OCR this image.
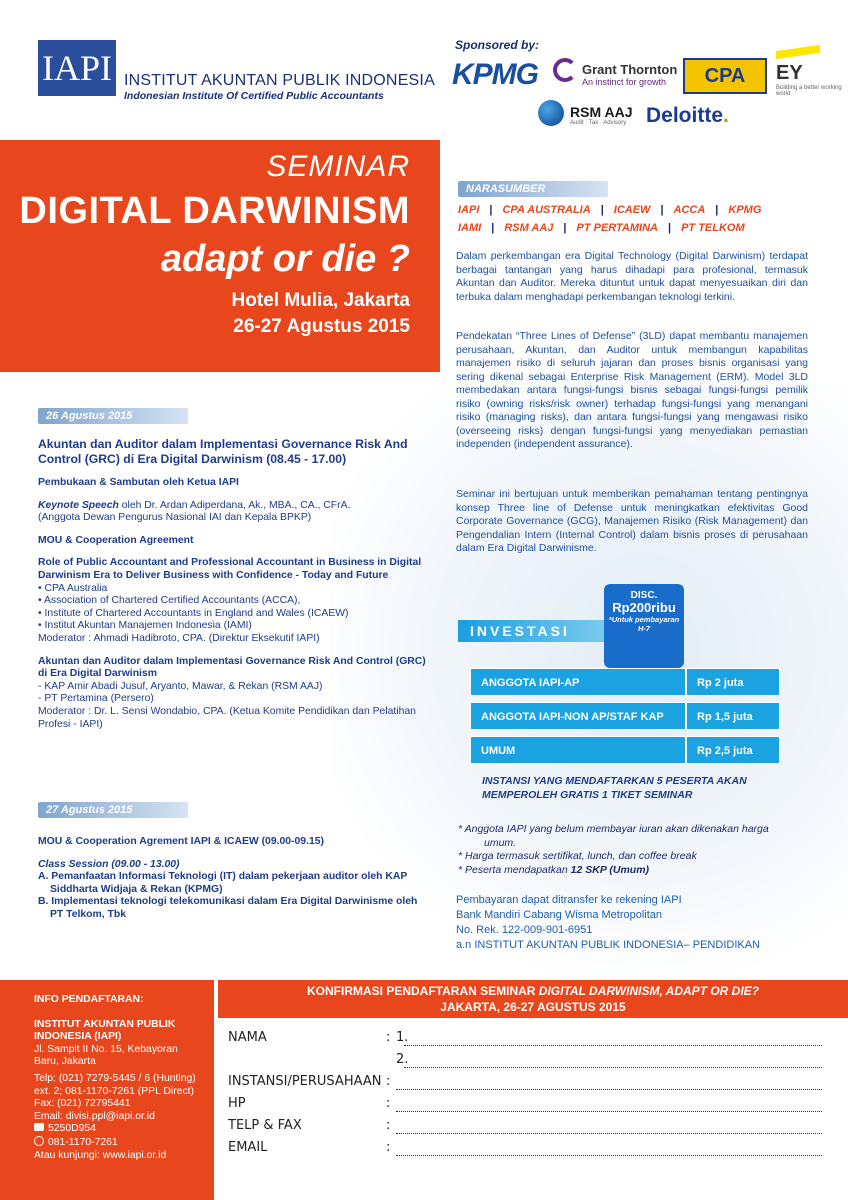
IAPI INSTITUT AKUNTAN PUBLIK INDONESIA
Indonesian Institute Of Certified Public Accountants
Sponsored by:
KPMG	Grant Thornton
An instinct for growth	CPA	EY
Building a better working world
RSM AAJ
Audit · Tax · Advisory Deloitte.
SEMINAR
DIGITAL DARWINISM
adapt or die ?
Hotel Mulia, Jakarta
26-27 Agustus 2015
NARASUMBER
IAPI | CPA AUSTRALIA | ICAEW | ACCA | KPMG
IAMI | RSM AAJ | PT PERTAMINA | PT TELKOM
Dalam perkembangan era Digital Technology (Digital Darwinism) terdapat berbagai tantangan yang harus dihadapi para profesional, termasuk Akuntan dan Auditor. Mereka dituntut untuk dapat menyesuaikan diri dan terbuka dalam menghadapi perkembangan teknologi terkini.
Pendekatan “Three Lines of Defense” (3LD) dapat membantu manajemen perusahaan, Akuntan, dan Auditor untuk membangun kapabilitas manajemen risiko di seluruh jajaran dan proses bisnis organisasi yang sering dikenal sebagai Enterprise Risk Management (ERM). Model 3LD membedakan antara fungsi-fungsi bisnis sebagai fungsi-fungsi pemilik risiko (owning risks/risk owner) terhadap fungsi-fungsi yang menangani risiko (managing risks), dan antara fungsi-fungsi yang mengawasi risiko (overseeing risks) dengan fungsi-fungsi yang menyediakan pemastian independen (independent assurance).
Seminar ini bertujuan untuk memberikan pemahaman tentang pentingnya konsep Three line of Defense untuk meningkatkan efektivitas Good Corporate Governance (GCG), Manajemen Risiko (Risk Management) dan Pengendalian Intern (Internal Control) dalam bisnis proses di perusahaan dalam Era Digital Darwinisme.
26 Agustus 2015
Akuntan dan Auditor dalam Implementasi Governance Risk And Control (GRC) di Era Digital Darwinism (08.45 - 17.00)
Pembukaan & Sambutan oleh Ketua IAPI
Keynote Speech oleh Dr. Ardan Adiperdana, Ak., MBA., CA., CFrA.
(Anggota Dewan Pengurus Nasional IAI dan Kepala BPKP)
MOU & Cooperation Agreement
Role of Public Accountant and Professional Accountant in Business in Digital Darwinism Era to Deliver Business with Confidence - Today and Future
• CPA Australia
• Association of Chartered Certified Accountants (ACCA),
• Institute of Chartered Accountants in England and Wales (ICAEW)
• Institut Akuntan Manajemen Indonesia (IAMI)
Moderator : Ahmadi Hadibroto, CPA. (Direktur Eksekutif IAPI)
Akuntan dan Auditor dalam Implementasi Governance Risk And Control (GRC) di Era Digital Darwinism
- KAP Amir Abadi Jusuf, Aryanto, Mawar, & Rekan (RSM AAJ)
- PT Pertamina (Persero)
Moderator : Dr. L. Sensi Wondabio, CPA. (Ketua Komite Pendidikan dan Pelatihan Profesi - IAPI)
27 Agustus 2015
MOU & Cooperation Agrement IAPI & ICAEW (09.00-09.15)
Class Session (09.00 - 13.00)
A. Pemanfaatan Informasi Teknologi (IT) dalam pekerjaan auditor oleh KAP Siddharta Widjaja & Rekan (KPMG)
B. Implementasi teknologi telekomunikasi dalam Era Digital Darwinisme oleh PT Telkom, Tbk
INVESTASI
DISC.
Rp200ribu
*Untuk pembayaran H-7
ANGGOTA IAPI-AP	Rp 2 juta
ANGGOTA IAPI-NON AP/STAF KAP	Rp 1,5 juta
UMUM	Rp 2,5 juta
INSTANSI YANG MENDAFTARKAN 5 PESERTA AKAN
MEMPEROLEH GRATIS 1 TIKET SEMINAR
* Anggota IAPI yang belum membayar iuran akan dikenakan harga
umum.
* Harga termasuk sertifikat, lunch, dan coffee break
* Peserta mendapatkan 12 SKP (Umum)
Pembayaran dapat ditransfer ke rekening IAPI
Bank Mandiri Cabang Wisma Metropolitan
No. Rek. 122-009-901-6951
a.n INSTITUT AKUNTAN PUBLIK INDONESIA– PENDIDIKAN
INFO PENDAFTARAN:
INSTITUT AKUNTAN PUBLIK INDONESIA (IAPI)
Jl. Sampit II No. 15, Kebayoran Baru, Jakarta
Telp: (021) 7279-5445 / 6 (Hunting) ext. 2; 081-1170-7261 (PPL Direct)
Fax: (021) 72795441
Email: divisi.ppl@iapi.or.id
5250D954
081-1170-7261
Atau kunjungi: www.iapi.or.id
KONFIRMASI PENDAFTARAN SEMINAR DIGITAL DARWINISM, ADAPT OR DIE?
JAKARTA, 26-27 AGUSTUS 2015
NAMA	: 1.
2.
INSTANSI/PERUSAHAAN :
HP	:
TELP & FAX	:
EMAIL	:
